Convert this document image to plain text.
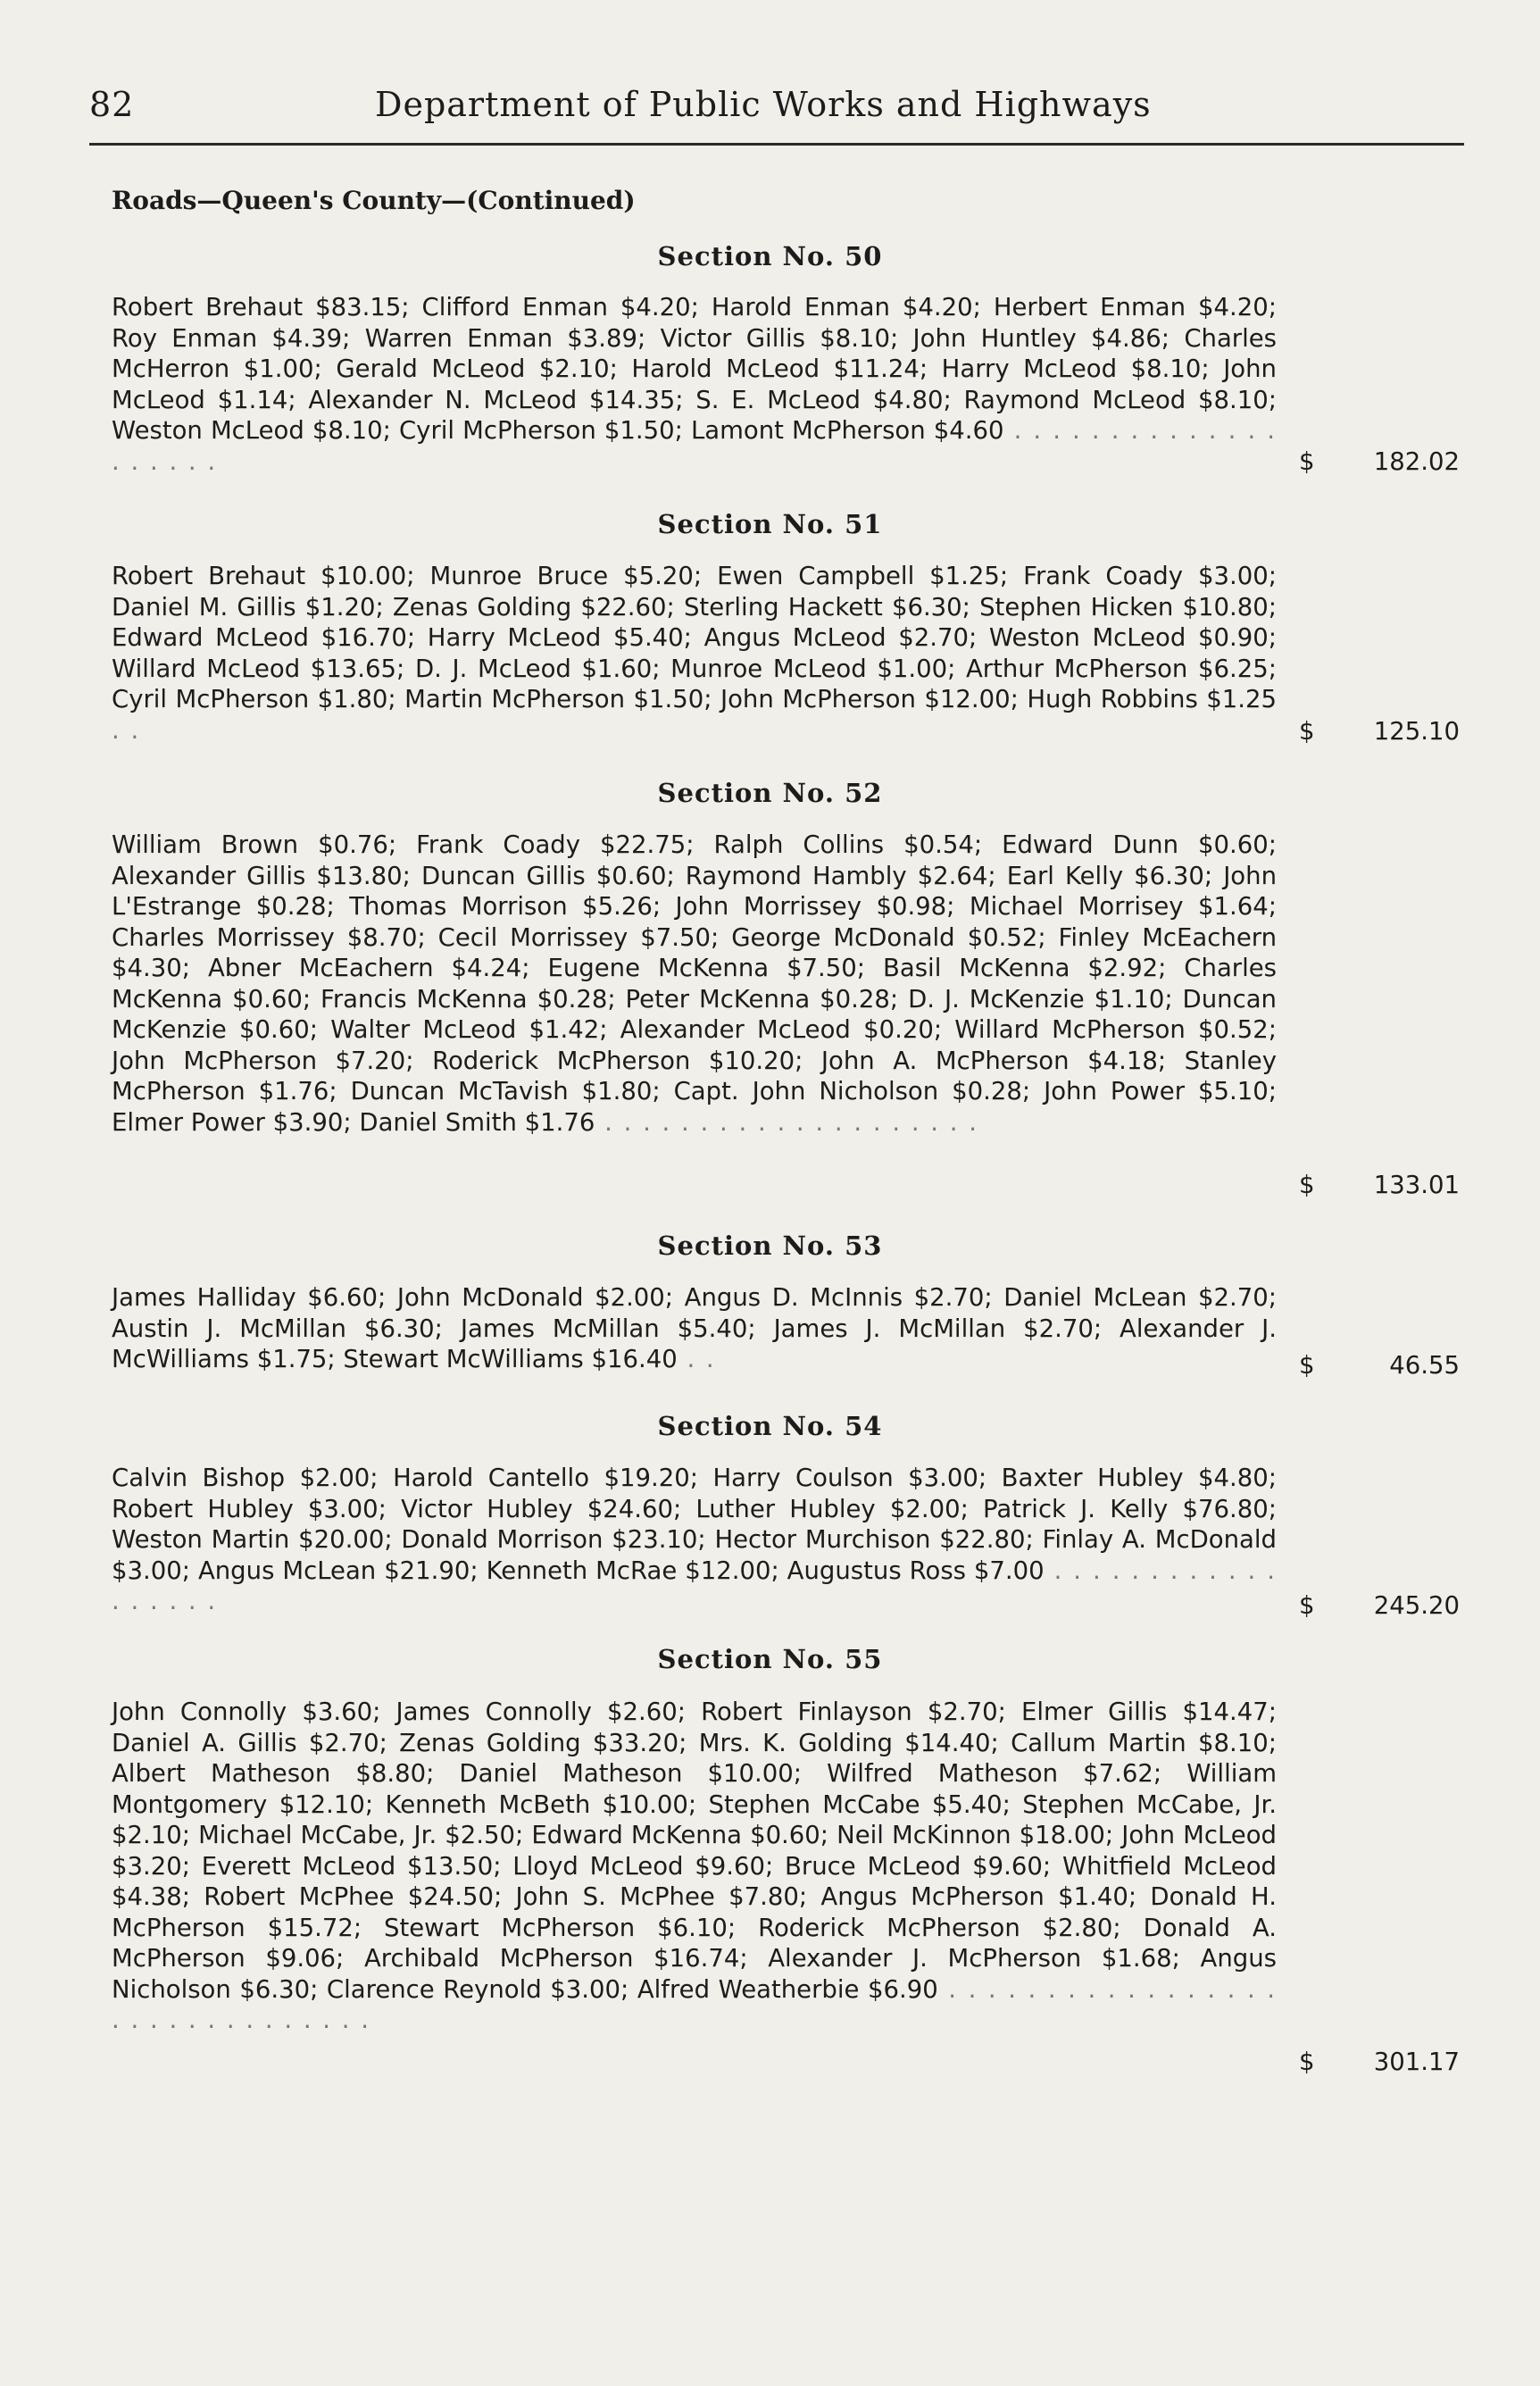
82	Department of Public Works and Highways
Roads—Queen's County—(Continued)
Section No. 50

Robert Brehaut $83.15; Clifford Enman $4.20; Harold Enman $4.20; Herbert Enman $4.20; Roy Enman $4.39; Warren Enman $3.89; Victor Gillis $8.10; John Huntley $4.86; Charles McHerron $1.00; Gerald McLeod $2.10; Harold McLeod $11.24; Harry McLeod $8.10; John McLeod $1.14; Alexander N. McLeod $14.35; S. E. McLeod $4.80; Raymond McLeod $8.10; Weston McLeod $8.10; Cyril McPherson $1.50; Lamont McPherson $4.60 . . . . . . . . . . . . . . . . . . . .	$ 182.02
Section No. 51

Robert Brehaut $10.00; Munroe Bruce $5.20; Ewen Campbell $1.25; Frank Coady $3.00; Daniel M. Gillis $1.20; Zenas Golding $22.60; Sterling Hackett $6.30; Stephen Hicken $10.80; Edward McLeod $16.70; Harry McLeod $5.40; Angus McLeod $2.70; Weston McLeod $0.90; Willard McLeod $13.65; D. J. McLeod $1.60; Munroe McLeod $1.00; Arthur McPherson $6.25; Cyril McPherson $1.80; Martin McPherson $1.50; John McPherson $12.00; Hugh Robbins $1.25 . .	$ 125.10
Section No. 52

William Brown $0.76; Frank Coady $22.75; Ralph Collins $0.54; Edward Dunn $0.60; Alexander Gillis $13.80; Duncan Gillis $0.60; Raymond Hambly $2.64; Earl Kelly $6.30; John L'Estrange $0.28; Thomas Morrison $5.26; John Morrissey $0.98; Michael Morrisey $1.64; Charles Morrissey $8.70; Cecil Morrissey $7.50; George McDonald $0.52; Finley McEachern $4.30; Abner McEachern $4.24; Eugene McKenna $7.50; Basil McKenna $2.92; Charles McKenna $0.60; Francis McKenna $0.28; Peter McKenna $0.28; D. J. McKenzie $1.10; Duncan McKenzie $0.60; Walter McLeod $1.42; Alexander McLeod $0.20; Willard McPherson $0.52; John McPherson $7.20; Roderick McPherson $10.20; John A. McPherson $4.18; Stanley McPherson $1.76; Duncan McTavish $1.80; Capt. John Nicholson $0.28; John Power $5.10; Elmer Power $3.90; Daniel Smith $1.76 . . . . . . . . . . . . . . . . . . . .

$ 133.01
Section No. 53

James Halliday $6.60; John McDonald $2.00; Angus D. McInnis $2.70; Daniel McLean $2.70; Austin J. McMillan $6.30; James McMillan $5.40; James J. McMillan $2.70; Alexander J. McWilliams $1.75; Stewart McWilliams $16.40 . .	$	46.55
Section No. 54

Calvin Bishop $2.00; Harold Cantello $19.20; Harry Coulson $3.00; Baxter Hubley $4.80; Robert Hubley $3.00; Victor Hubley $24.60; Luther Hubley $2.00; Patrick J. Kelly $76.80; Weston Martin $20.00; Donald Morrison $23.10; Hector Murchison $22.80; Finlay A. McDonald $3.00; Angus McLean $21.90; Kenneth McRae $12.00; Augustus Ross $7.00 . . . . . . . . . . . . . . . . . .	$ 245.20
Section No. 55

John Connolly $3.60; James Connolly $2.60; Robert Finlayson $2.70; Elmer Gillis $14.47; Daniel A. Gillis $2.70; Zenas Golding $33.20; Mrs. K. Golding $14.40; Callum Martin $8.10; Albert Matheson $8.80; Daniel Matheson $10.00; Wilfred Matheson $7.62; William Montgomery $12.10; Kenneth McBeth $10.00; Stephen McCabe $5.40; Stephen McCabe, Jr. $2.10; Michael McCabe, Jr. $2.50; Edward McKenna $0.60; Neil McKinnon $18.00; John McLeod $3.20; Everett McLeod $13.50; Lloyd McLeod $9.60; Bruce McLeod $9.60; Whitfield McLeod $4.38; Robert McPhee $24.50; John S. McPhee $7.80; Angus McPherson $1.40; Donald H. McPherson $15.72; Stewart McPherson $6.10; Roderick McPherson $2.80; Donald A. McPherson $9.06; Archibald McPherson $16.74; Alexander J. McPherson $1.68; Angus Nicholson $6.30; Clarence Reynold $3.00; Alfred Weatherbie $6.90 . . . . . . . . . . . . . . . . . . . . . . . . . . . . . . .

$ 301.17
